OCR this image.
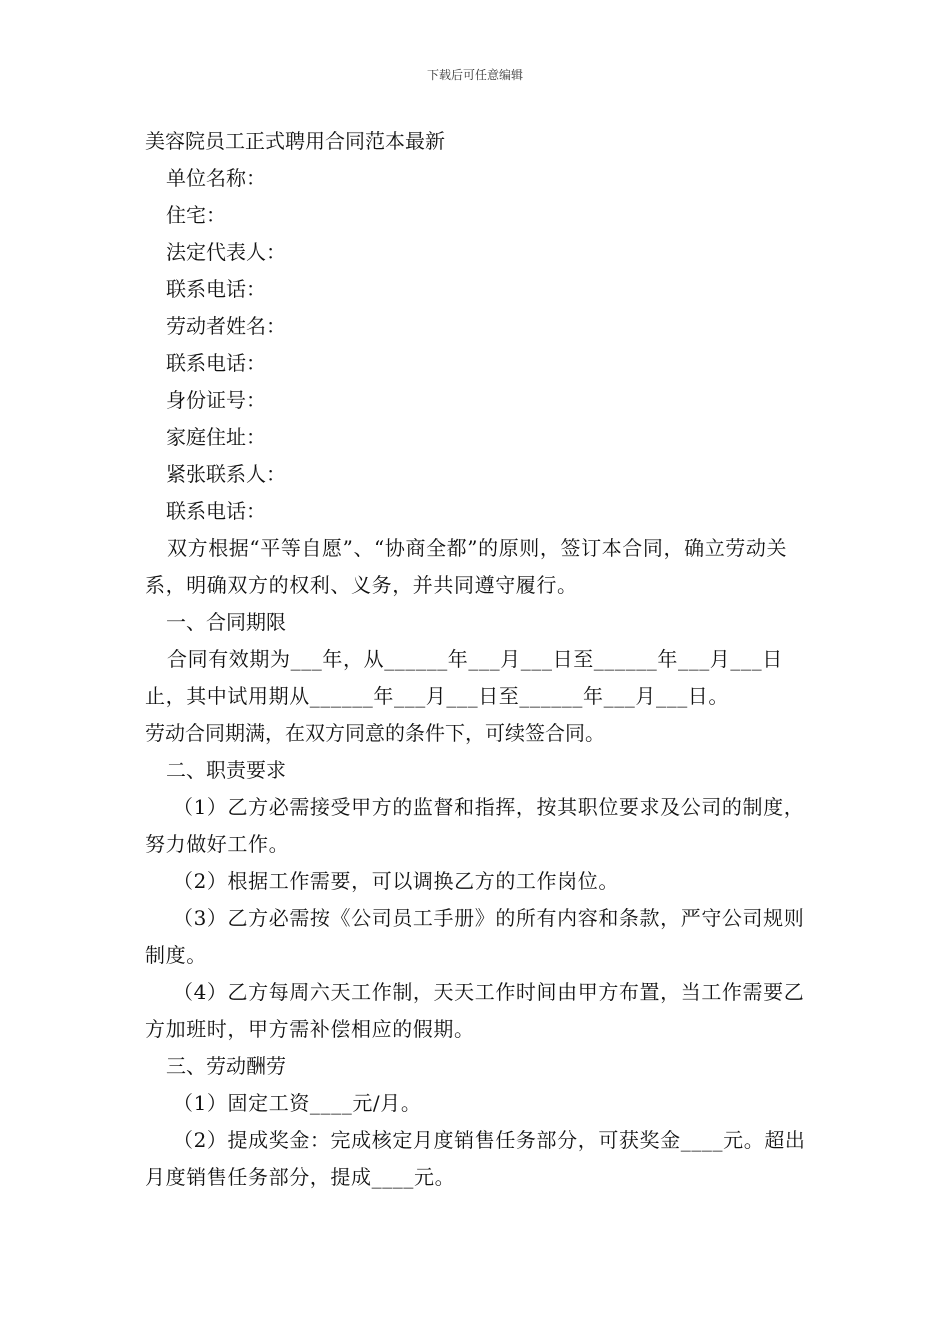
下载后可任意编辑

美容院员工正式聘用合同范本最新

单位名称：

住宅：

法定代表人：

联系电话：

劳动者姓名：

联系电话：

身份证号：

家庭住址：

紧张联系人：

联系电话：

双方根据“平等自愿”、“协商全都”的原则，签订本合同，确立劳动关系，明确双方的权利、义务，并共同遵守履行。

一、合同期限

合同有效期为___年，从______年___月___日至______年___月___日止，其中试用期从______年___月___日至______年___月___日。

劳动合同期满，在双方同意的条件下，可续签合同。

二、职责要求

（1）乙方必需接受甲方的监督和指挥，按其职位要求及公司的制度，努力做好工作。

（2）根据工作需要，可以调换乙方的工作岗位。

（3）乙方必需按《公司员工手册》的所有内容和条款，严守公司规则制度。

（4）乙方每周六天工作制，天天工作时间由甲方布置，当工作需要乙方加班时，甲方需补偿相应的假期。

三、劳动酬劳

（1）固定工资____元/月。

（2）提成奖金：完成核定月度销售任务部分，可获奖金____元。超出月度销售任务部分，提成____元。
